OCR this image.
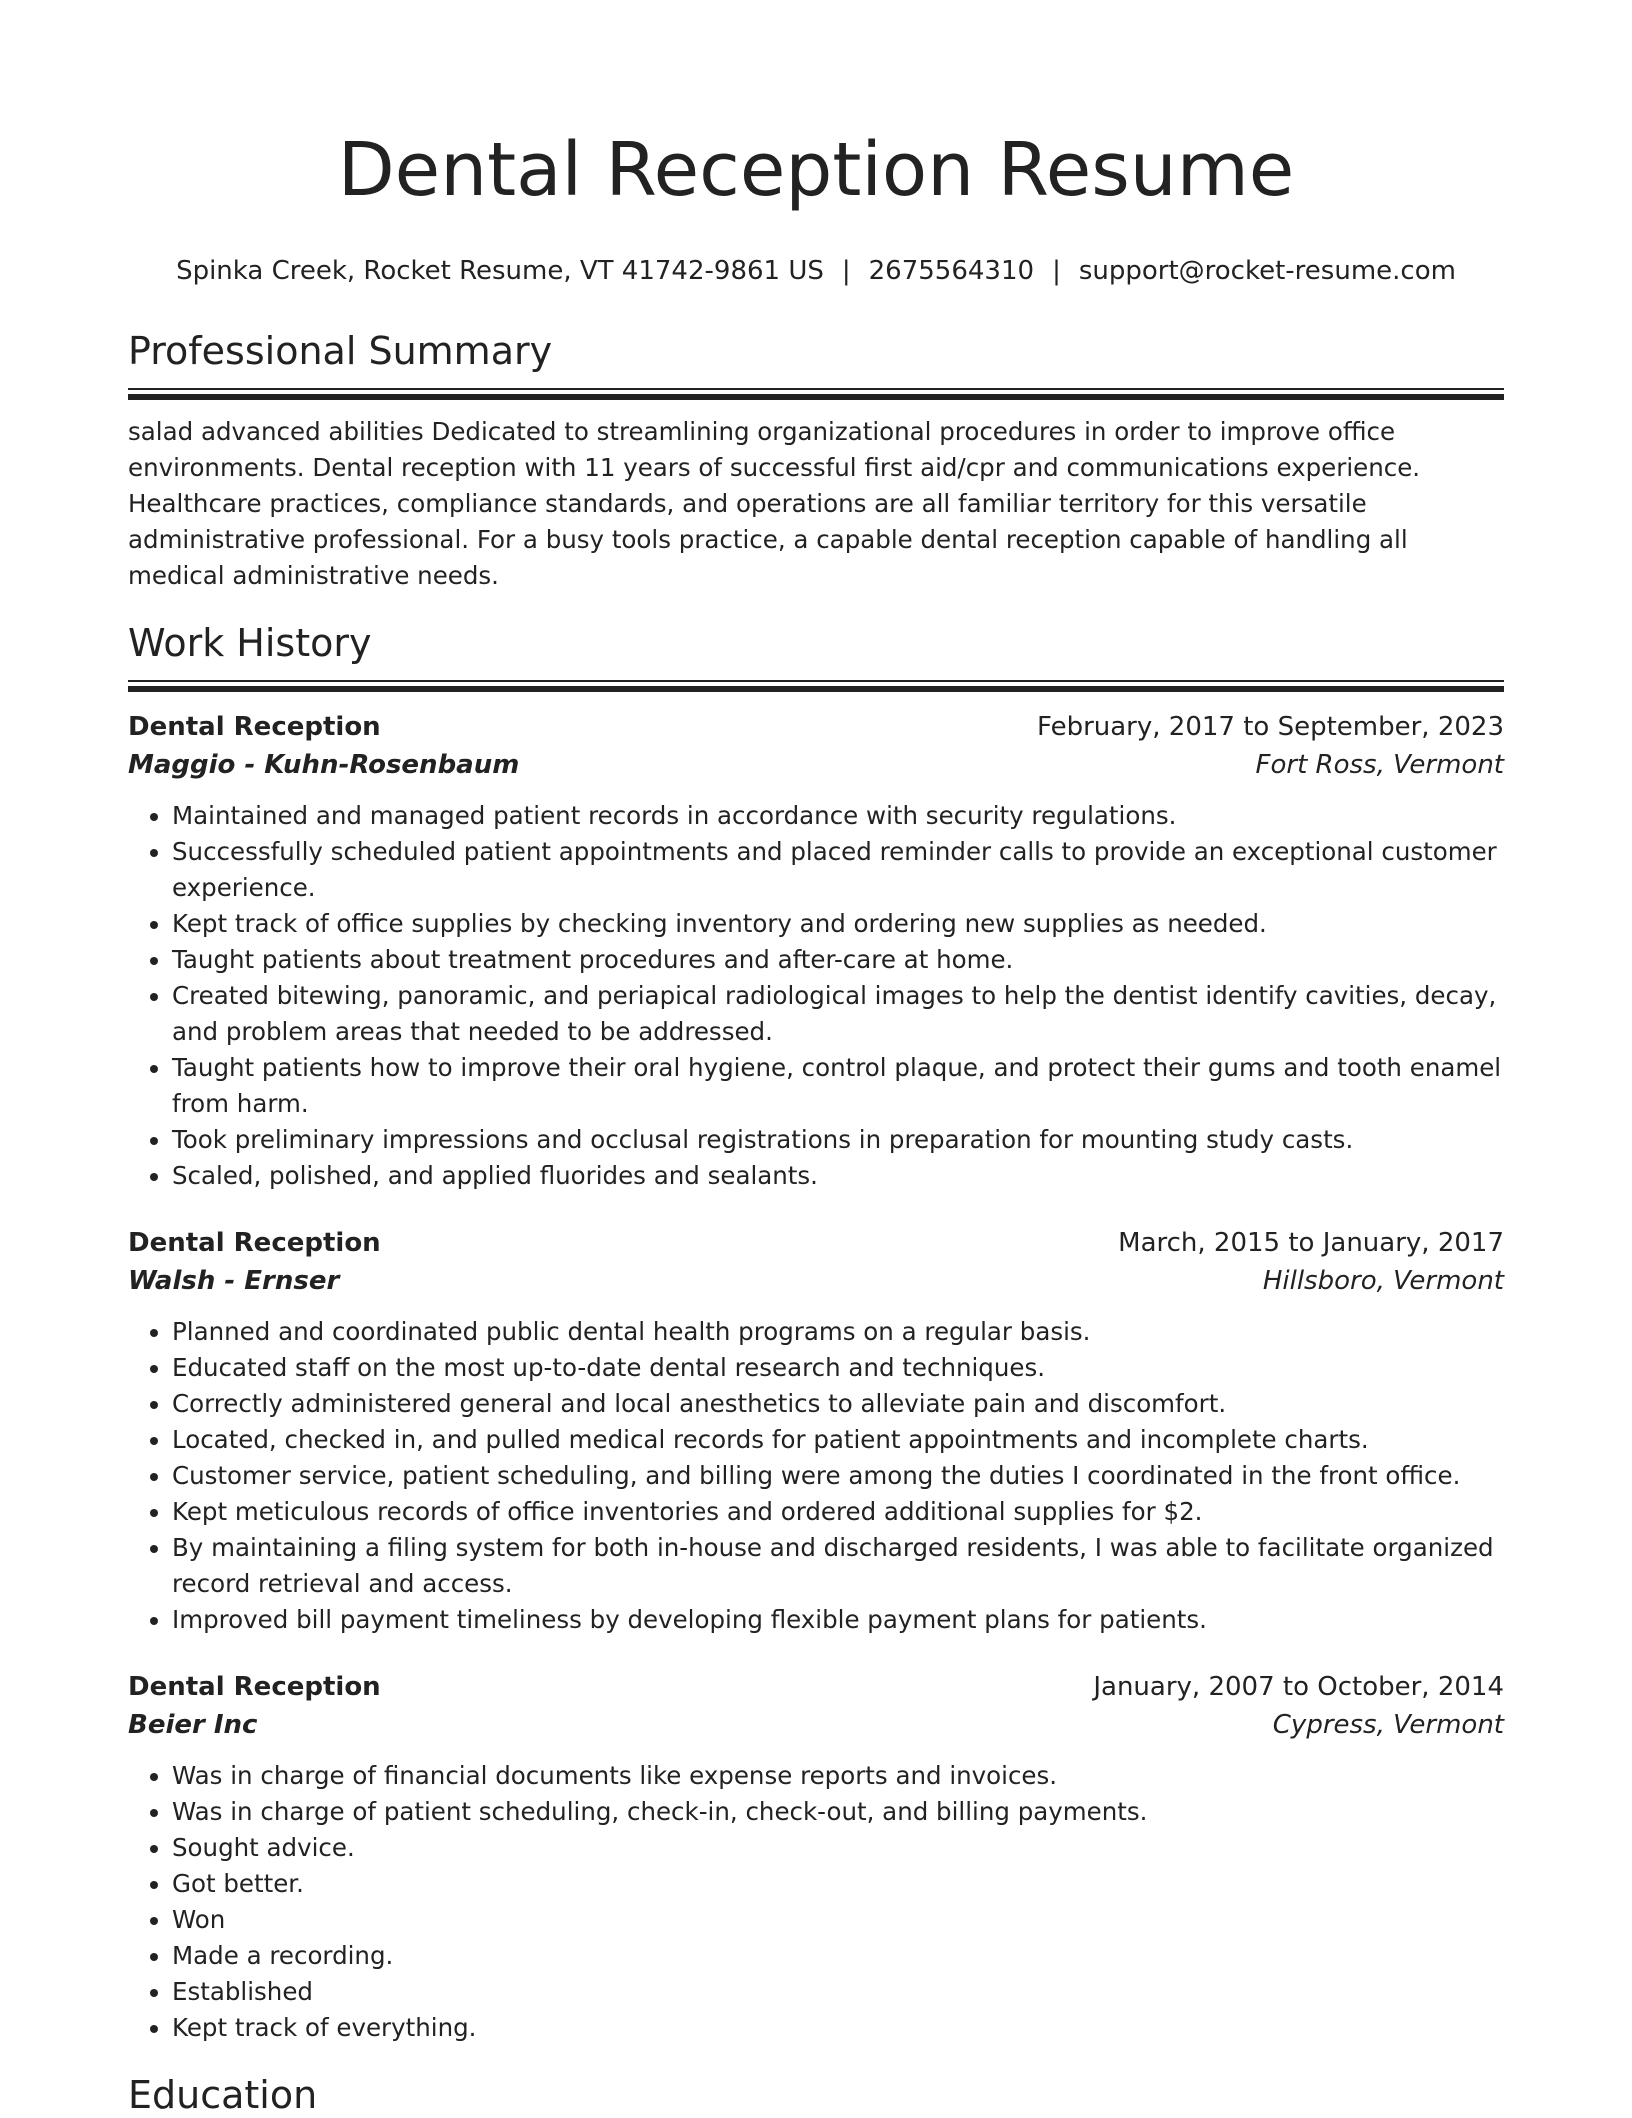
Dental Reception Resume
Spinka Creek, Rocket Resume, VT 41742-9861 US | 2675564310 | support@rocket-resume.com
Professional Summary
salad advanced abilities Dedicated to streamlining organizational procedures in order to improve office environments. Dental reception with 11 years of successful first aid/cpr and communications experience. Healthcare practices, compliance standards, and operations are all familiar territory for this versatile administrative professional. For a busy tools practice, a capable dental reception capable of handling all medical administrative needs.
Work History
Dental Reception	February, 2017 to September, 2023
Maggio - Kuhn-Rosenbaum	Fort Ross, Vermont
• Maintained and managed patient records in accordance with security regulations.
• Successfully scheduled patient appointments and placed reminder calls to provide an exceptional customer experience.
• Kept track of office supplies by checking inventory and ordering new supplies as needed.
• Taught patients about treatment procedures and after-care at home.
• Created bitewing, panoramic, and periapical radiological images to help the dentist identify cavities, decay, and problem areas that needed to be addressed.
• Taught patients how to improve their oral hygiene, control plaque, and protect their gums and tooth enamel from harm.
• Took preliminary impressions and occlusal registrations in preparation for mounting study casts.
• Scaled, polished, and applied fluorides and sealants.
Dental Reception	March, 2015 to January, 2017
Walsh - Ernser	Hillsboro, Vermont
• Planned and coordinated public dental health programs on a regular basis.
• Educated staff on the most up-to-date dental research and techniques.
• Correctly administered general and local anesthetics to alleviate pain and discomfort.
• Located, checked in, and pulled medical records for patient appointments and incomplete charts.
• Customer service, patient scheduling, and billing were among the duties I coordinated in the front office.
• Kept meticulous records of office inventories and ordered additional supplies for $2.
• By maintaining a filing system for both in-house and discharged residents, I was able to facilitate organized record retrieval and access.
• Improved bill payment timeliness by developing flexible payment plans for patients.
Dental Reception	January, 2007 to October, 2014
Beier Inc	Cypress, Vermont
• Was in charge of financial documents like expense reports and invoices.
• Was in charge of patient scheduling, check-in, check-out, and billing payments.
• Sought advice.
• Got better.
• Won
• Made a recording.
• Established
• Kept track of everything.
Education
